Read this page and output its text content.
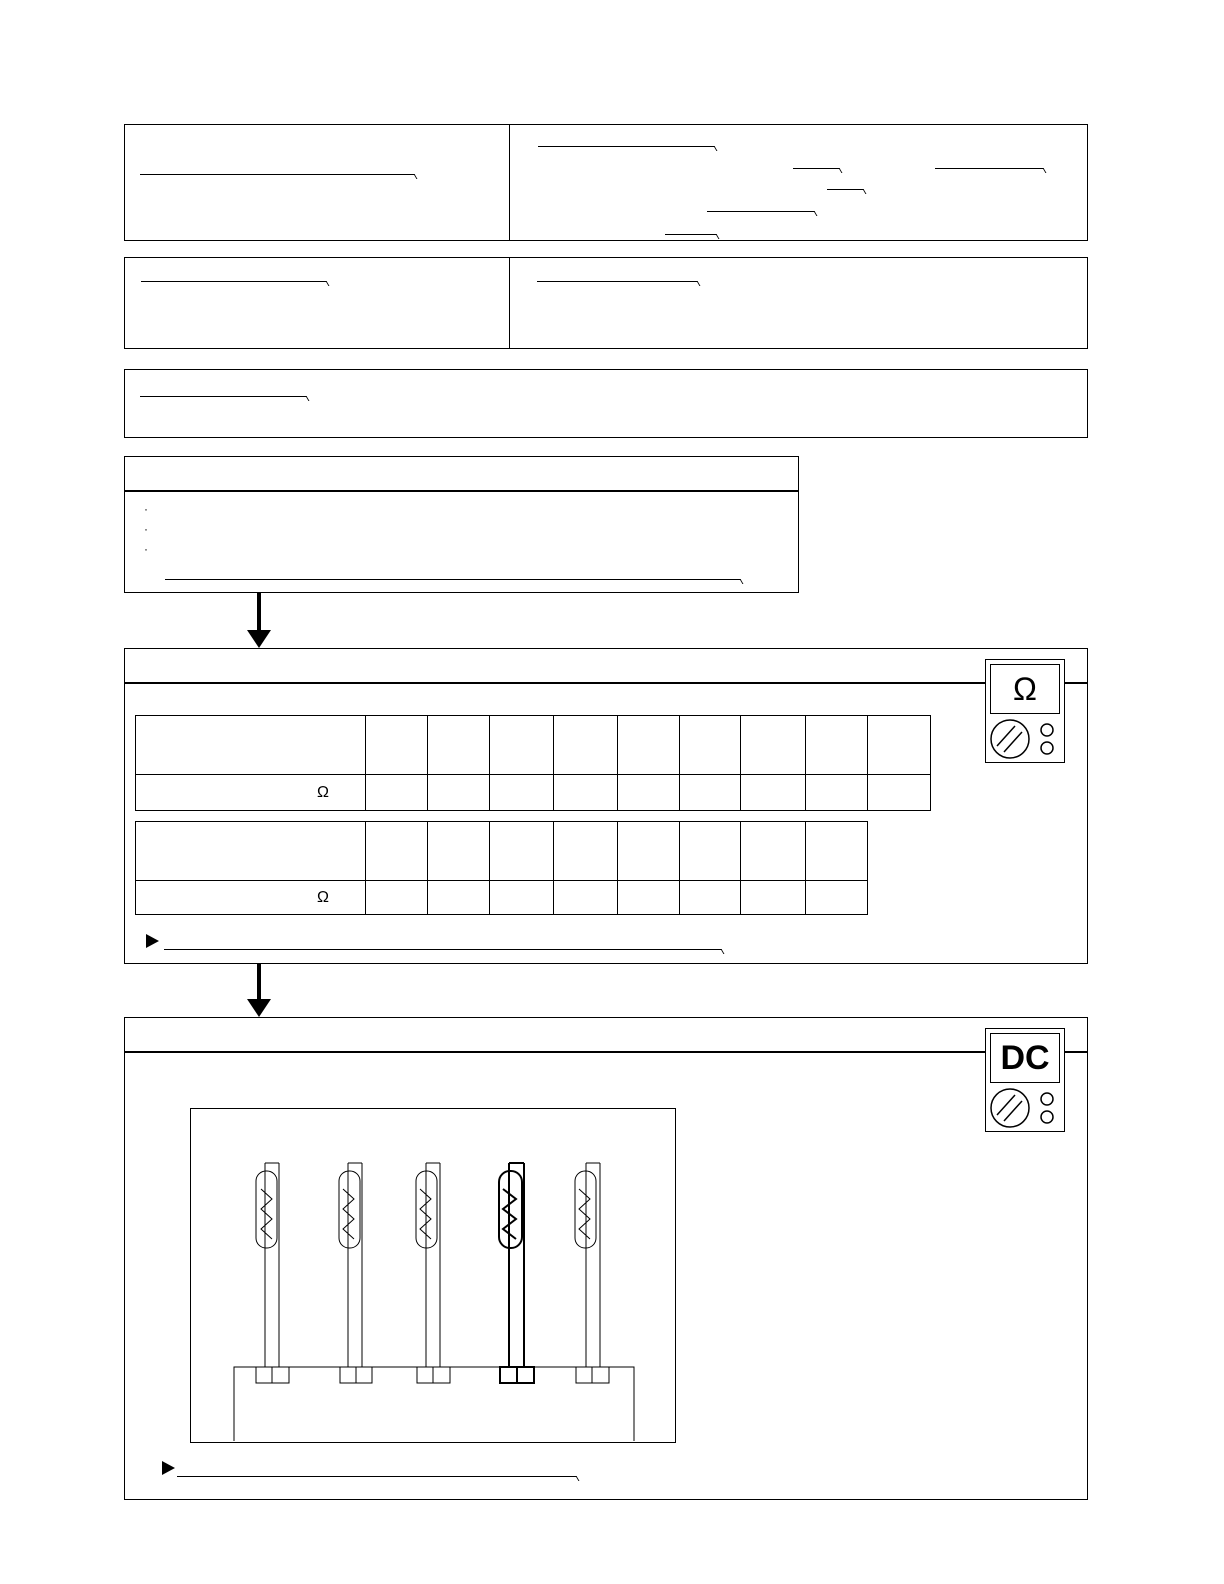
·
·
·
Ω

Ω									

Ω								
DC
